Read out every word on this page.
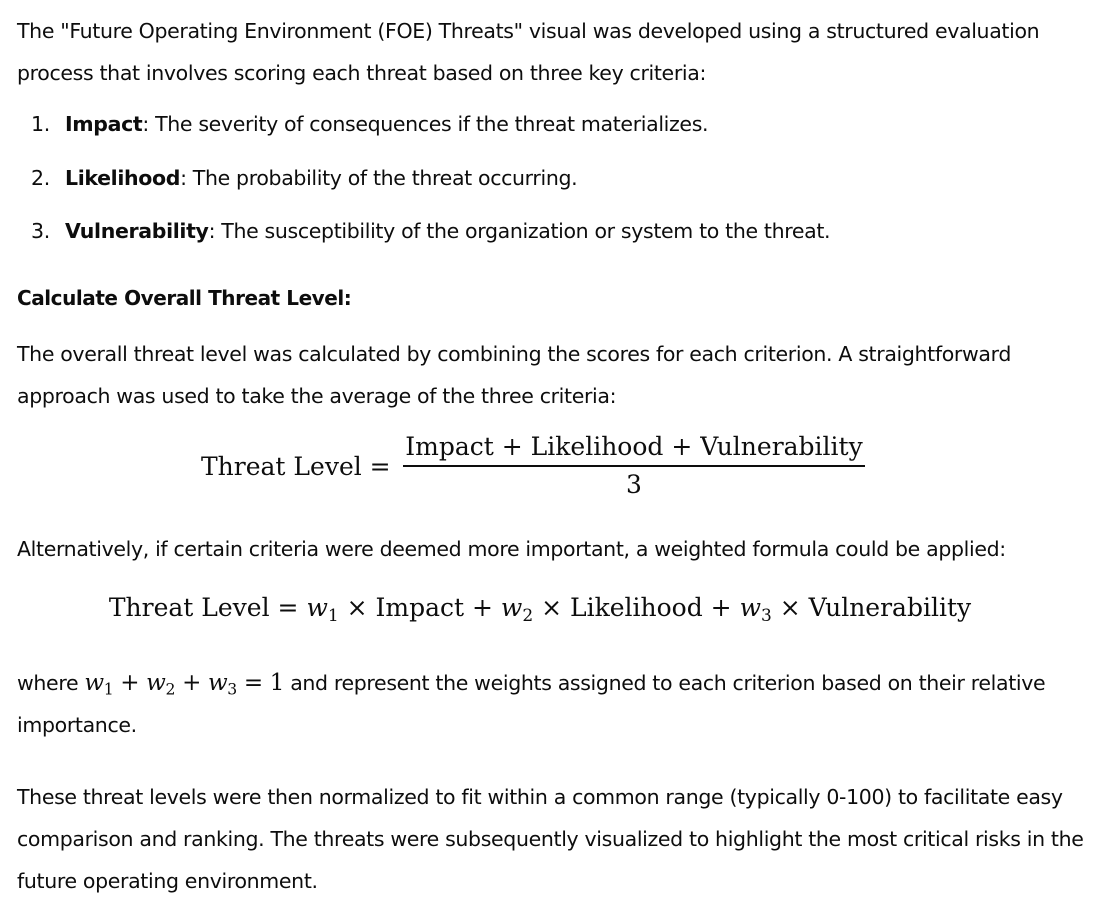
The "Future Operating Environment (FOE) Threats" visual was developed using a structured evaluation process that involves scoring each threat based on three key criteria:

1. Impact: The severity of consequences if the threat materializes.
2. Likelihood: The probability of the threat occurring.
3. Vulnerability: The susceptibility of the organization or system to the threat.
Calculate Overall Threat Level:

The overall threat level was calculated by combining the scores for each criterion. A straightforward approach was used to take the average of the three criteria:

Threat Level =
Impact + Likelihood + Vulnerability
3

Alternatively, if certain criteria were deemed more important, a weighted formula could be applied:

Threat Level = $w_1$ × Impact + $w_2$ × Likelihood + $w_3$ × Vulnerability

where $w_1 + w_2 + w_3 = 1$ and represent the weights assigned to each criterion based on their relative importance.

These threat levels were then normalized to fit within a common range (typically 0-100) to facilitate easy comparison and ranking. The threats were subsequently visualized to highlight the most critical risks in the future operating environment.
